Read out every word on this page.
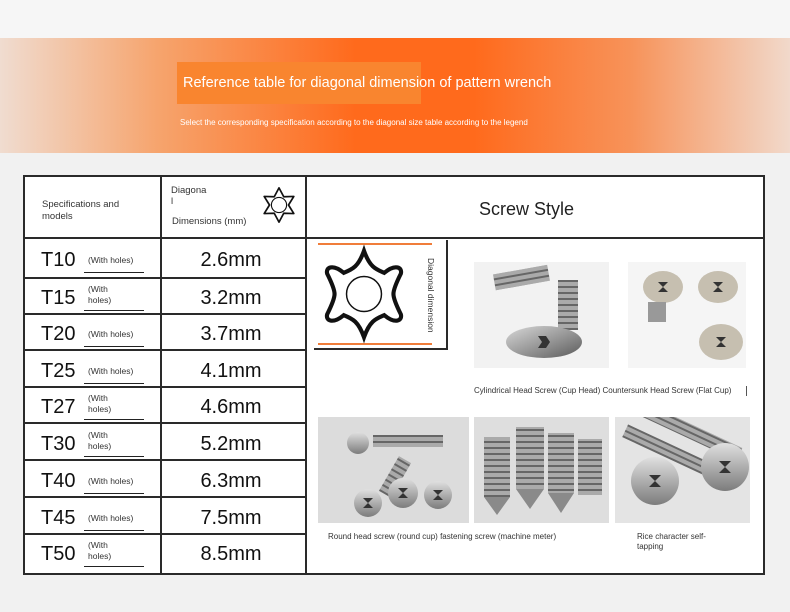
Reference table for diagonal dimension of pattern wrench
Select the corresponding specification according to the diagonal size table according to the legend
Specifications and models
Diagona
l
Dimensions (mm)
Screw Style
T10 (With holes)	2.6mm
T15 (With holes)	3.2mm
T20 (With holes)	3.7mm
T25 (With holes)	4.1mm
T27 (With holes)	4.6mm
T30 (With holes)	5.2mm
T40 (With holes)	6.3mm
T45 (With holes)	7.5mm
T50 (With holes)	8.5mm
Diagonal dimension
Cylindrical Head Screw (Cup Head) Countersunk Head Screw (Flat Cup)
Round head screw (round cup) fastening screw (machine meter)	Rice character self-tapping
